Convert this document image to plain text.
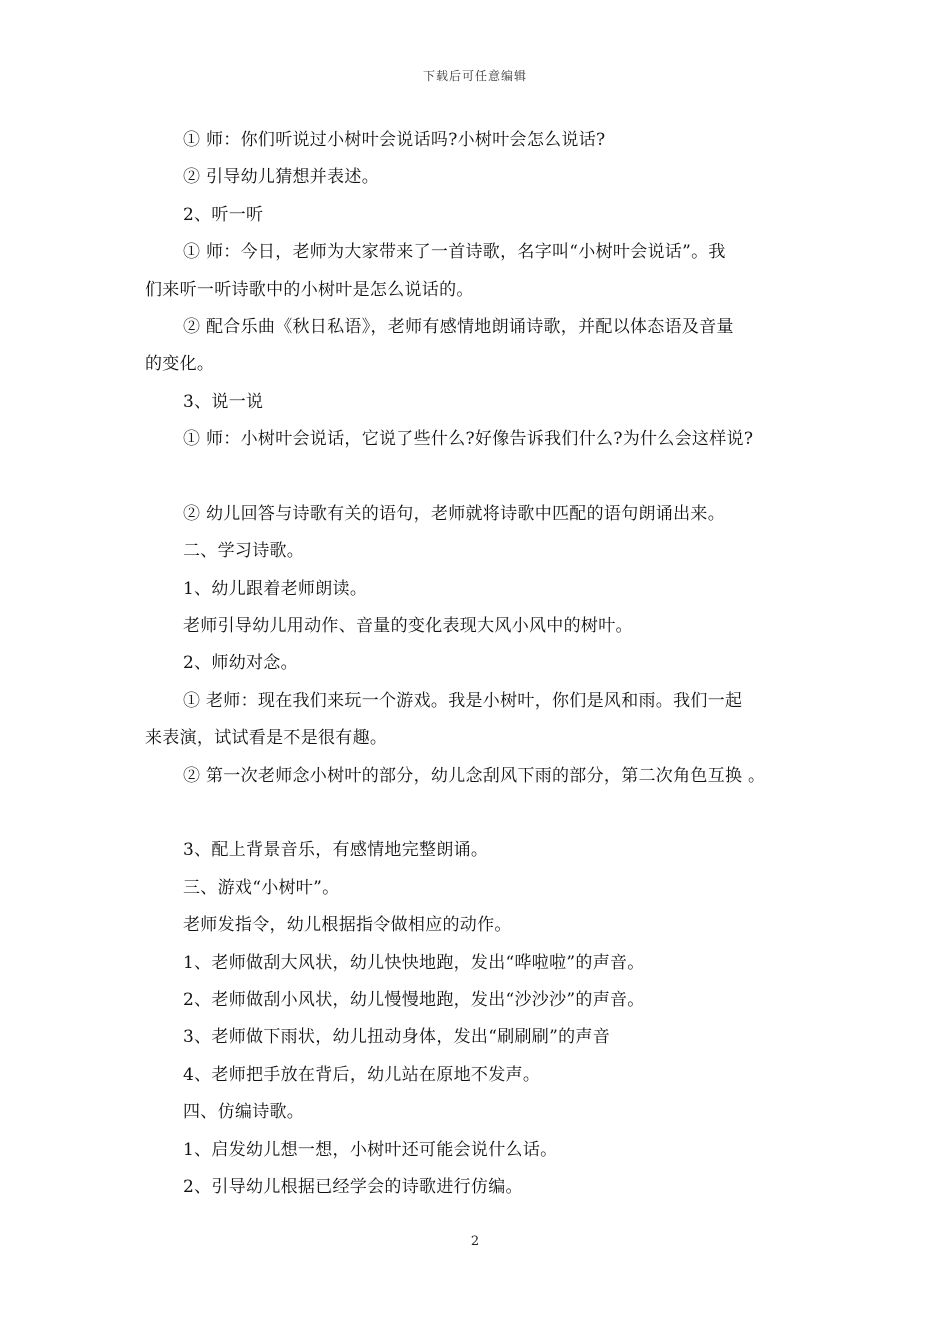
下载后可任意编辑
① 师：你们听说过小树叶会说话吗?小树叶会怎么说话?
② 引导幼儿猜想并表述。
2、听一听
① 师：今日，老师为大家带来了一首诗歌，名字叫“小树叶会说话”。我
们来听一听诗歌中的小树叶是怎么说话的。
② 配合乐曲《秋日私语》，老师有感情地朗诵诗歌，并配以体态语及音量
的变化。
3、说一说
① 师：小树叶会说话，它说了些什么?好像告诉我们什么?为什么会这样说?
② 幼儿回答与诗歌有关的语句，老师就将诗歌中匹配的语句朗诵出来。
二、学习诗歌。
1、幼儿跟着老师朗读。
老师引导幼儿用动作、音量的变化表现大风小风中的树叶。
2、师幼对念。
① 老师：现在我们来玩一个游戏。我是小树叶，你们是风和雨。我们一起
来表演，试试看是不是很有趣。
② 第一次老师念小树叶的部分，幼儿念刮风下雨的部分，第二次角色互换 。
3、配上背景音乐，有感情地完整朗诵。
三、游戏“小树叶”。
老师发指令，幼儿根据指令做相应的动作。
1、老师做刮大风状，幼儿快快地跑，发出“哗啦啦”的声音。
2、老师做刮小风状，幼儿慢慢地跑，发出“沙沙沙”的声音。
3、老师做下雨状，幼儿扭动身体，发出“刷刷刷”的声音
4、老师把手放在背后，幼儿站在原地不发声。
四、仿编诗歌。
1、启发幼儿想一想，小树叶还可能会说什么话。
2、引导幼儿根据已经学会的诗歌进行仿编。
2
